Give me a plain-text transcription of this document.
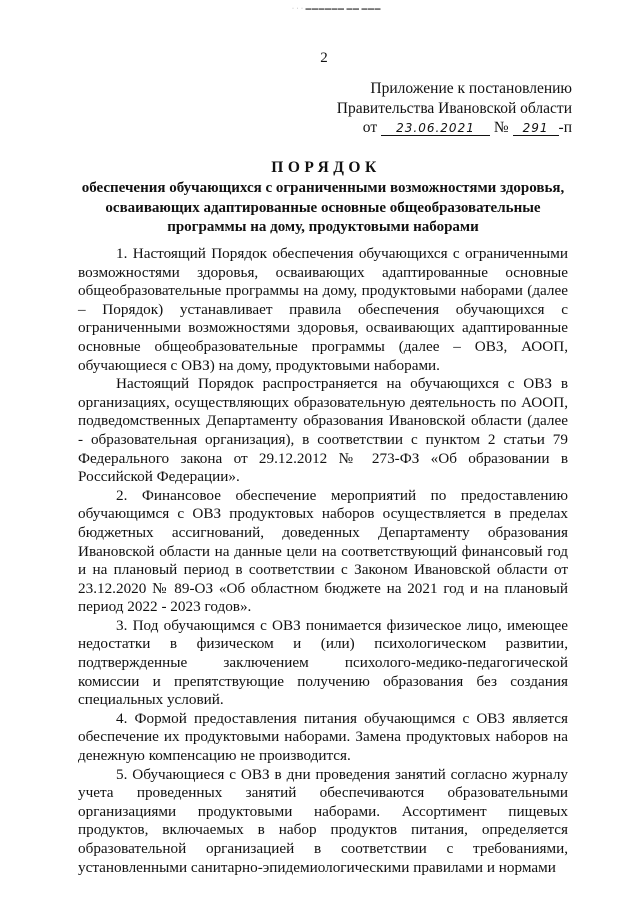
· · · ▬▬▬▬▬▬ ▬▬ ▬▬▬
2
Приложение к постановлению
Правительства Ивановской области
от 23.06.2021 № 291 -п
ПОРЯДОК
обеспечения обучающихся с ограниченными возможностями здоровья, осваивающих адаптированные основные общеобразовательные программы на дому, продуктовыми наборами

1. Настоящий Порядок обеспечения обучающихся с ограниченными возможностями здоровья, осваивающих адаптированные основные общеобразовательные программы на дому, продуктовыми наборами (далее – Порядок) устанавливает правила обеспечения обучающихся с ограниченными возможностями здоровья, осваивающих адаптированные основные общеобразовательные программы (далее – ОВЗ, АООП, обучающиеся с ОВЗ) на дому, продуктовыми наборами.

Настоящий Порядок распространяется на обучающихся с ОВЗ в организациях, осуществляющих образовательную деятельность по АООП, подведомственных Департаменту образования Ивановской области (далее - образовательная организация), в соответствии с пунктом 2 статьи 79 Федерального закона от 29.12.2012 № 273-ФЗ «Об образовании в Российской Федерации».

2. Финансовое обеспечение мероприятий по предоставлению обучающимся с ОВЗ продуктовых наборов осуществляется в пределах бюджетных ассигнований, доведенных Департаменту образования Ивановской области на данные цели на соответствующий финансовый год и на плановый период в соответствии с Законом Ивановской области от 23.12.2020 № 89-ОЗ «Об областном бюджете на 2021 год и на плановый период 2022 - 2023 годов».

3. Под обучающимся с ОВЗ понимается физическое лицо, имеющее недостатки в физическом и (или) психологическом развитии, подтвержденные заключением психолого-медико-педагогической комиссии и препятствующие получению образования без создания специальных условий.

4. Формой предоставления питания обучающимся с ОВЗ является обеспечение их продуктовыми наборами. Замена продуктовых наборов на денежную компенсацию не производится.

5. Обучающиеся с ОВЗ в дни проведения занятий согласно журналу учета проведенных занятий обеспечиваются образовательными организациями продуктовыми наборами. Ассортимент пищевых продуктов, включаемых в набор продуктов питания, определяется образовательной организацией в соответствии с требованиями, установленными санитарно-эпидемиологическими правилами и нормами
